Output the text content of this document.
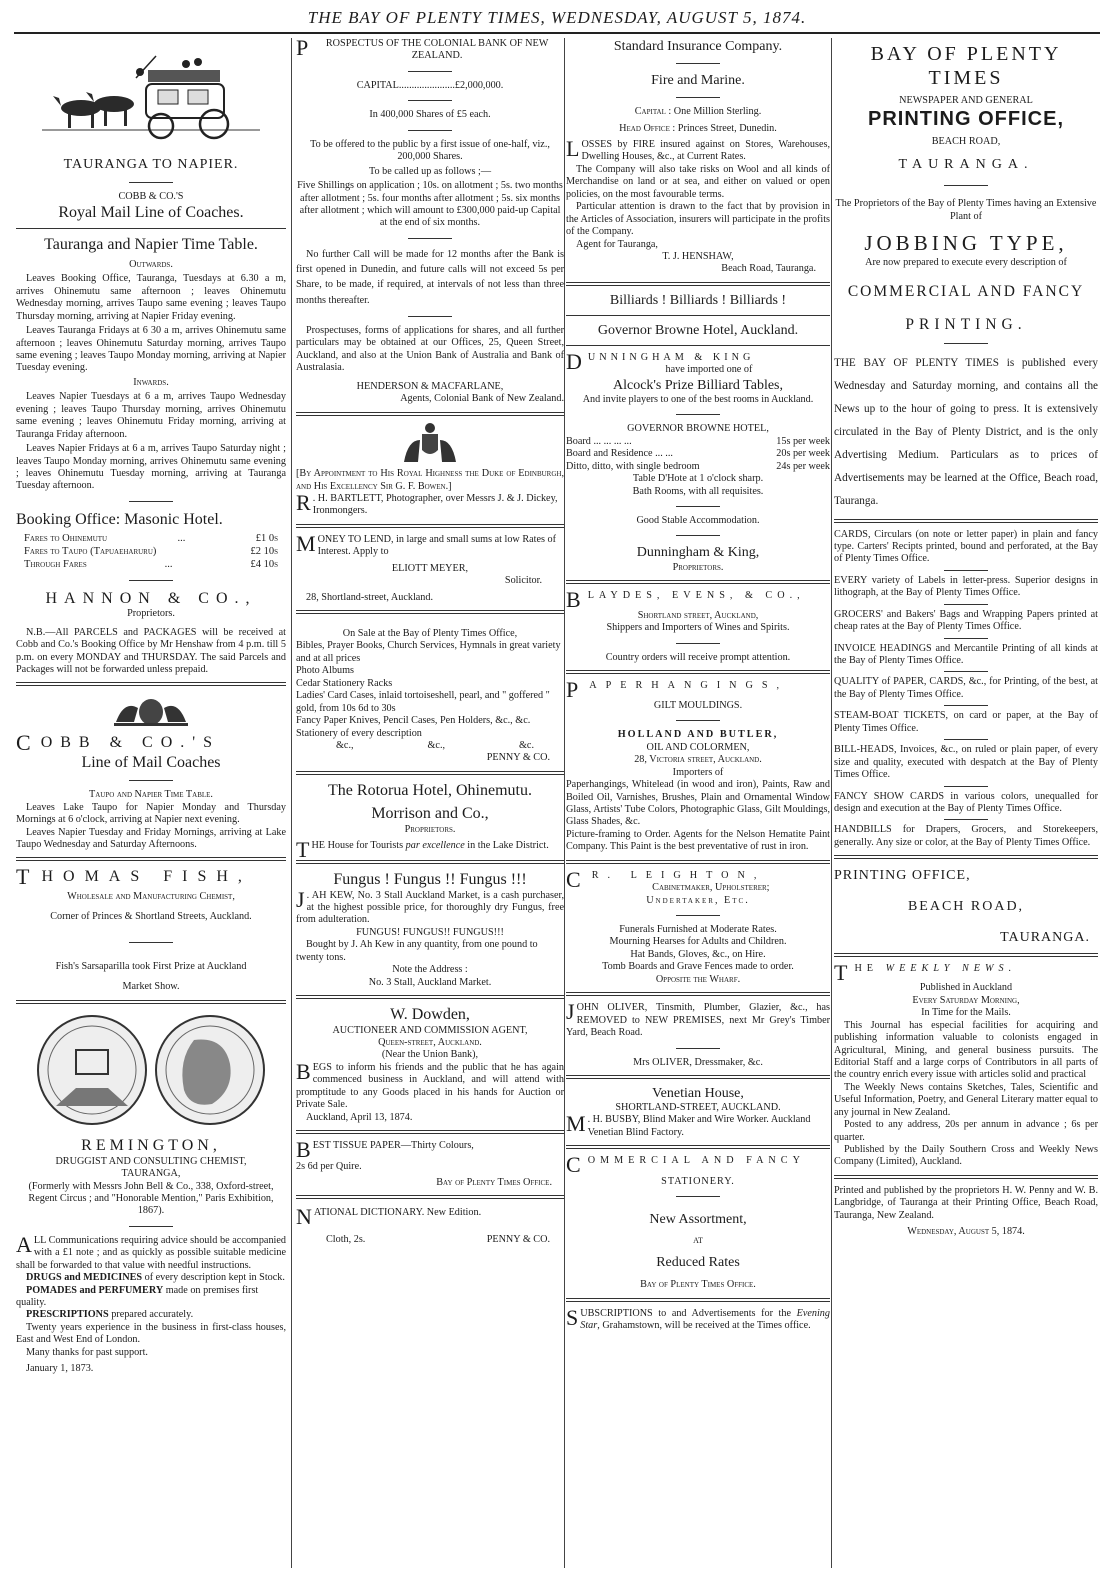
THE BAY OF PLENTY TIMES, WEDNESDAY, AUGUST 5, 1874.

TAURANGA TO NAPIER.

COBB & CO.'S

Royal Mail Line of Coaches.

Tauranga and Napier Time Table.

Outwards.

Leaves Booking Office, Tauranga, Tuesdays at 6.30 a m, arrives Ohinemutu same afternoon ; leaves Ohinemutu Wednesday morning, arrives Taupo same evening ; leaves Taupo Thursday morning, arriving at Napier Friday evening.

Leaves Tauranga Fridays at 6 30 a m, arrives Ohinemutu same afternoon ; leaves Ohinemutu Saturday morning, arrives Taupo same evening ; leaves Taupo Monday morning, arriving at Napier Tuesday evening.

Inwards.

Leaves Napier Tuesdays at 6 a m, arrives Taupo Wednesday evening ; leaves Taupo Thursday morning, arrives Ohinemutu same evening ; leaves Ohinemutu Friday morning, arriving at Tauranga Friday afternoon.

Leaves Napier Fridays at 6 a m, arrives Taupo Saturday night ; leaves Taupo Monday morning, arrives Ohinemutu same evening ; leaves Ohinemutu Tuesday morning, arriving at Tauranga Tuesday afternoon.

Booking Office: Masonic Hotel.

Fares to Ohinemutu	...	£1 0s
Fares to Taupo (Tapuaeharuru)	£2 10s
Through Fares	...	£4 10s

HANNON & CO.,

Proprietors.

N.B.—All PARCELS and PACKAGES will be received at Cobb and Co.'s Booking Office by Mr Henshaw from 4 p.m. till 5 p.m. on every MONDAY and THURSDAY. The said Parcels and Packages will not be forwarded unless prepaid.

C OBB & CO.'S

Line of Mail Coaches

Taupo and Napier Time Table.

Leaves Lake Taupo for Napier Monday and Thursday Mornings at 6 o'clock, arriving at Napier next evening.

Leaves Napier Tuesday and Friday Mornings, arriving at Lake Taupo Wednesday and Saturday Afternoons.

T HOMAS FISH,

Wholesale and Manufacturing Chemist,

Corner of Princes & Shortland Streets, Auckland.

Fish's Sarsaparilla took First Prize at Auckland

Market Show.

REMINGTON,

DRUGGIST AND CONSULTING CHEMIST,

TAURANGA,

(Formerly with Messrs John Bell & Co., 338, Oxford-street, Regent Circus ; and "Honorable Mention," Paris Exhibition, 1867).

ALL Communications requiring advice should be accompanied with a £1 note ; and as quickly as possible suitable medicine shall be forwarded to that value with needful instructions.

DRUGS and MEDICINES of every description kept in Stock.

POMADES and PERFUMERY made on premises first quality.

PRESCRIPTIONS prepared accurately.

Twenty years experience in the business in first-class houses, East and West End of London.

Many thanks for past support.

January 1, 1873.

P	ROSPECTUS OF THE COLONIAL BANK OF NEW ZEALAND.

CAPITAL......................£2,000,000.

In 400,000 Shares of £5 each.

To be offered to the public by a first issue of one-half, viz., 200,000 Shares.

To be called up as follows ;—

Five Shillings on application ; 10s. on allotment ; 5s. two months after allotment ; 5s. four months after allotment ; 5s. six months after allotment ; which will amount to £300,000 paid-up Capital at the end of six months.

No further Call will be made for 12 months after the Bank is first opened in Dunedin, and future calls will not exceed 5s per Share, to be made, if required, at intervals of not less than three months thereafter.

Prospectuses, forms of applications for shares, and all further particulars may be obtained at our Offices, 25, Queen Street, Auckland, and also at the Union Bank of Australia and Bank of Australasia.

HENDERSON & MACFARLANE,

Agents, Colonial Bank of New Zealand.

[By Appointment to His Royal Highness the Duke of Edinburgh, and His Excellency Sir G. F. Bowen.]

R . H. BARTLETT, Photographer, over Messrs J. & J. Dickey, Ironmongers.

MONEY TO LEND, in large and small sums at low Rates of Interest. Apply to

ELIOTT MEYER,

Solicitor.

28, Shortland-street, Auckland.

On Sale at the Bay of Plenty Times Office,

Bibles, Prayer Books, Church Services, Hymnals in great variety and at all prices

Photo Albums

Cedar Stationery Racks

Ladies' Card Cases, inlaid tortoiseshell, pearl, and " goffered " gold, from 10s 6d to 30s

Fancy Paper Knives, Pencil Cases, Pen Holders, &c., &c.

Stationery of every description

&c.,	&c.,	&c.

PENNY & CO.

The Rotorua Hotel, Ohinemutu.

Morrison and Co.,

Proprietors.

THE House for Tourists par excellence in the Lake District.

Fungus ! Fungus !! Fungus !!!

J . AH KEW, No. 3 Stall Auckland Market, is a cash purchaser, at the highest possible price, for thoroughly dry Fungus, free from adulteration.

FUNGUS! FUNGUS!! FUNGUS!!!

Bought by J. Ah Kew in any quantity, from one pound to twenty tons.

Note the Address :

No. 3 Stall, Auckland Market.

W. Dowden,

AUCTIONEER AND COMMISSION AGENT,

Queen-street, Auckland.

(Near the Union Bank),

BEGS to inform his friends and the public that he has again commenced business in Auckland, and will attend with promptitude to any Goods placed in his hands for Auction or Private Sale.

Auckland, April 13, 1874.

BEST TISSUE PAPER—Thirty Colours,

2s 6d per Quire.

Bay of Plenty Times Office.

NATIONAL DICTIONARY. New Edition.

Cloth, 2s.	PENNY & CO.

Standard Insurance Company.

Fire and Marine.

Capital : One Million Sterling.

Head Office : Princes Street, Dunedin.

LOSSES by FIRE insured against on Stores, Warehouses, Dwelling Houses, &c., at Current Rates.

The Company will also take risks on Wool and all kinds of Merchandise on land or at sea, and either on valued or open policies, on the most favourable terms.

Particular attention is drawn to the fact that by provision in the Articles of Association, insurers will participate in the profits of the Company.

Agent for Tauranga,

T. J. HENSHAW,

Beach Road, Tauranga.

Billiards ! Billiards ! Billiards !

Governor Browne Hotel, Auckland.

DUNNINGHAM & KING

have imported one of

Alcock's Prize Billiard Tables,

And invite players to one of the best rooms in Auckland.

GOVERNOR BROWNE HOTEL,

Board ... ... ... ...	15s per week
Board and Residence ... ...	20s per week
Ditto, ditto, with single bedroom	24s per week

Table D'Hote at 1 o'clock sharp.

Bath Rooms, with all requisites.

Good Stable Accommodation.

Dunningham & King,

Proprietors.

BLAYDES, EVENS, & CO.,

Shortland street, Auckland,

Shippers and Importers of Wines and Spirits.

Country orders will receive prompt attention.

PAPERHANGINGS,

GILT MOULDINGS.

HOLLAND AND BUTLER,

OIL AND COLORMEN,

28, Victoria street, Auckland.

Importers of

Paperhangings, Whitelead (in wood and iron), Paints, Raw and Boiled Oil, Varnishes, Brushes, Plain and Ornamental Window Glass, Artists' Tube Colors, Photographic Glass, Gilt Mouldings, Glass Shades, &c.

Picture-framing to Order. Agents for the Nelson Hematite Paint Company. This Paint is the best preventative of rust in iron.

C R. LEIGHTON,

Cabinetmaker, Upholsterer;

Undertaker, Etc.

Funerals Furnished at Moderate Rates.

Mourning Hearses for Adults and Children.

Hat Bands, Gloves, &c., on Hire.

Tomb Boards and Grave Fences made to order.

Opposite the Wharf.

JOHN OLIVER, Tinsmith, Plumber, Glazier, &c., has REMOVED to NEW PREMISES, next Mr Grey's Timber Yard, Beach Road.

Mrs OLIVER, Dressmaker, &c.

Venetian House,

SHORTLAND-STREET, AUCKLAND.

M . H. BUSBY, Blind Maker and Wire Worker. Auckland Venetian Blind Factory.

COMMERCIAL AND FANCY

STATIONERY.

New Assortment,

AT

Reduced Rates

Bay of Plenty Times Office.

SUBSCRIPTIONS to and Advertisements for the Evening Star, Grahamstown, will be received at the Times office.

BAY OF PLENTY

TIMES

NEWSPAPER AND GENERAL

PRINTING OFFICE,

BEACH ROAD,

TAURANGA.

The Proprietors of the Bay of Plenty Times having an Extensive Plant of

JOBBING TYPE,

Are now prepared to execute every description of

COMMERCIAL AND FANCY

PRINTING.

THE BAY OF PLENTY TIMES is published every Wednesday and Saturday morning, and contains all the News up to the hour of going to press. It is extensively circulated in the Bay of Plenty District, and is the only Advertising Medium. Particulars as to prices of Advertisements may be learned at the Office, Beach road, Tauranga.

CARDS, Circulars (on note or letter paper) in plain and fancy type. Carters' Recipts printed, bound and perforated, at the Bay of Plenty Times Office.

EVERY variety of Labels in letter-press. Superior designs in lithograph, at the Bay of Plenty Times Office.

GROCERS' and Bakers' Bags and Wrapping Papers printed at cheap rates at the Bay of Plenty Times Office.

INVOICE HEADINGS and Mercantile Printing of all kinds at the Bay of Plenty Times Office.

QUALITY of PAPER, CARDS, &c., for Printing, of the best, at the Bay of Plenty Times Office.

STEAM-BOAT TICKETS, on card or paper, at the Bay of Plenty Times Office.

BILL-HEADS, Invoices, &c., on ruled or plain paper, of every size and quality, executed with despatch at the Bay of Plenty Times Office.

FANCY SHOW CARDS in various colors, unequalled for design and execution at the Bay of Plenty Times Office.

HANDBILLS for Drapers, Grocers, and Storekeepers, generally. Any size or color, at the Bay of Plenty Times Office.

PRINTING OFFICE,

BEACH ROAD,

TAURANGA.

THE WEEKLY NEWS.

Published in Auckland

Every Saturday Morning,

In Time for the Mails.

This Journal has especial facilities for acquiring and publishing information valuable to colonists engaged in Agricultural, Mining, and general business pursuits. The Editorial Staff and a large corps of Contributors in all parts of the country enrich every issue with articles solid and practical

The Weekly News contains Sketches, Tales, Scientific and Useful Information, Poetry, and General Literary matter equal to any journal in New Zealand.

Posted to any address, 20s per annum in advance ; 6s per quarter.

Published by the Daily Southern Cross and Weekly News Company (Limited), Auckland.

Printed and published by the proprietors H. W. Penny and W. B. Langbridge, of Tauranga at their Printing Office, Beach Road, Tauranga, New Zealand.

Wednesday, August 5, 1874.
